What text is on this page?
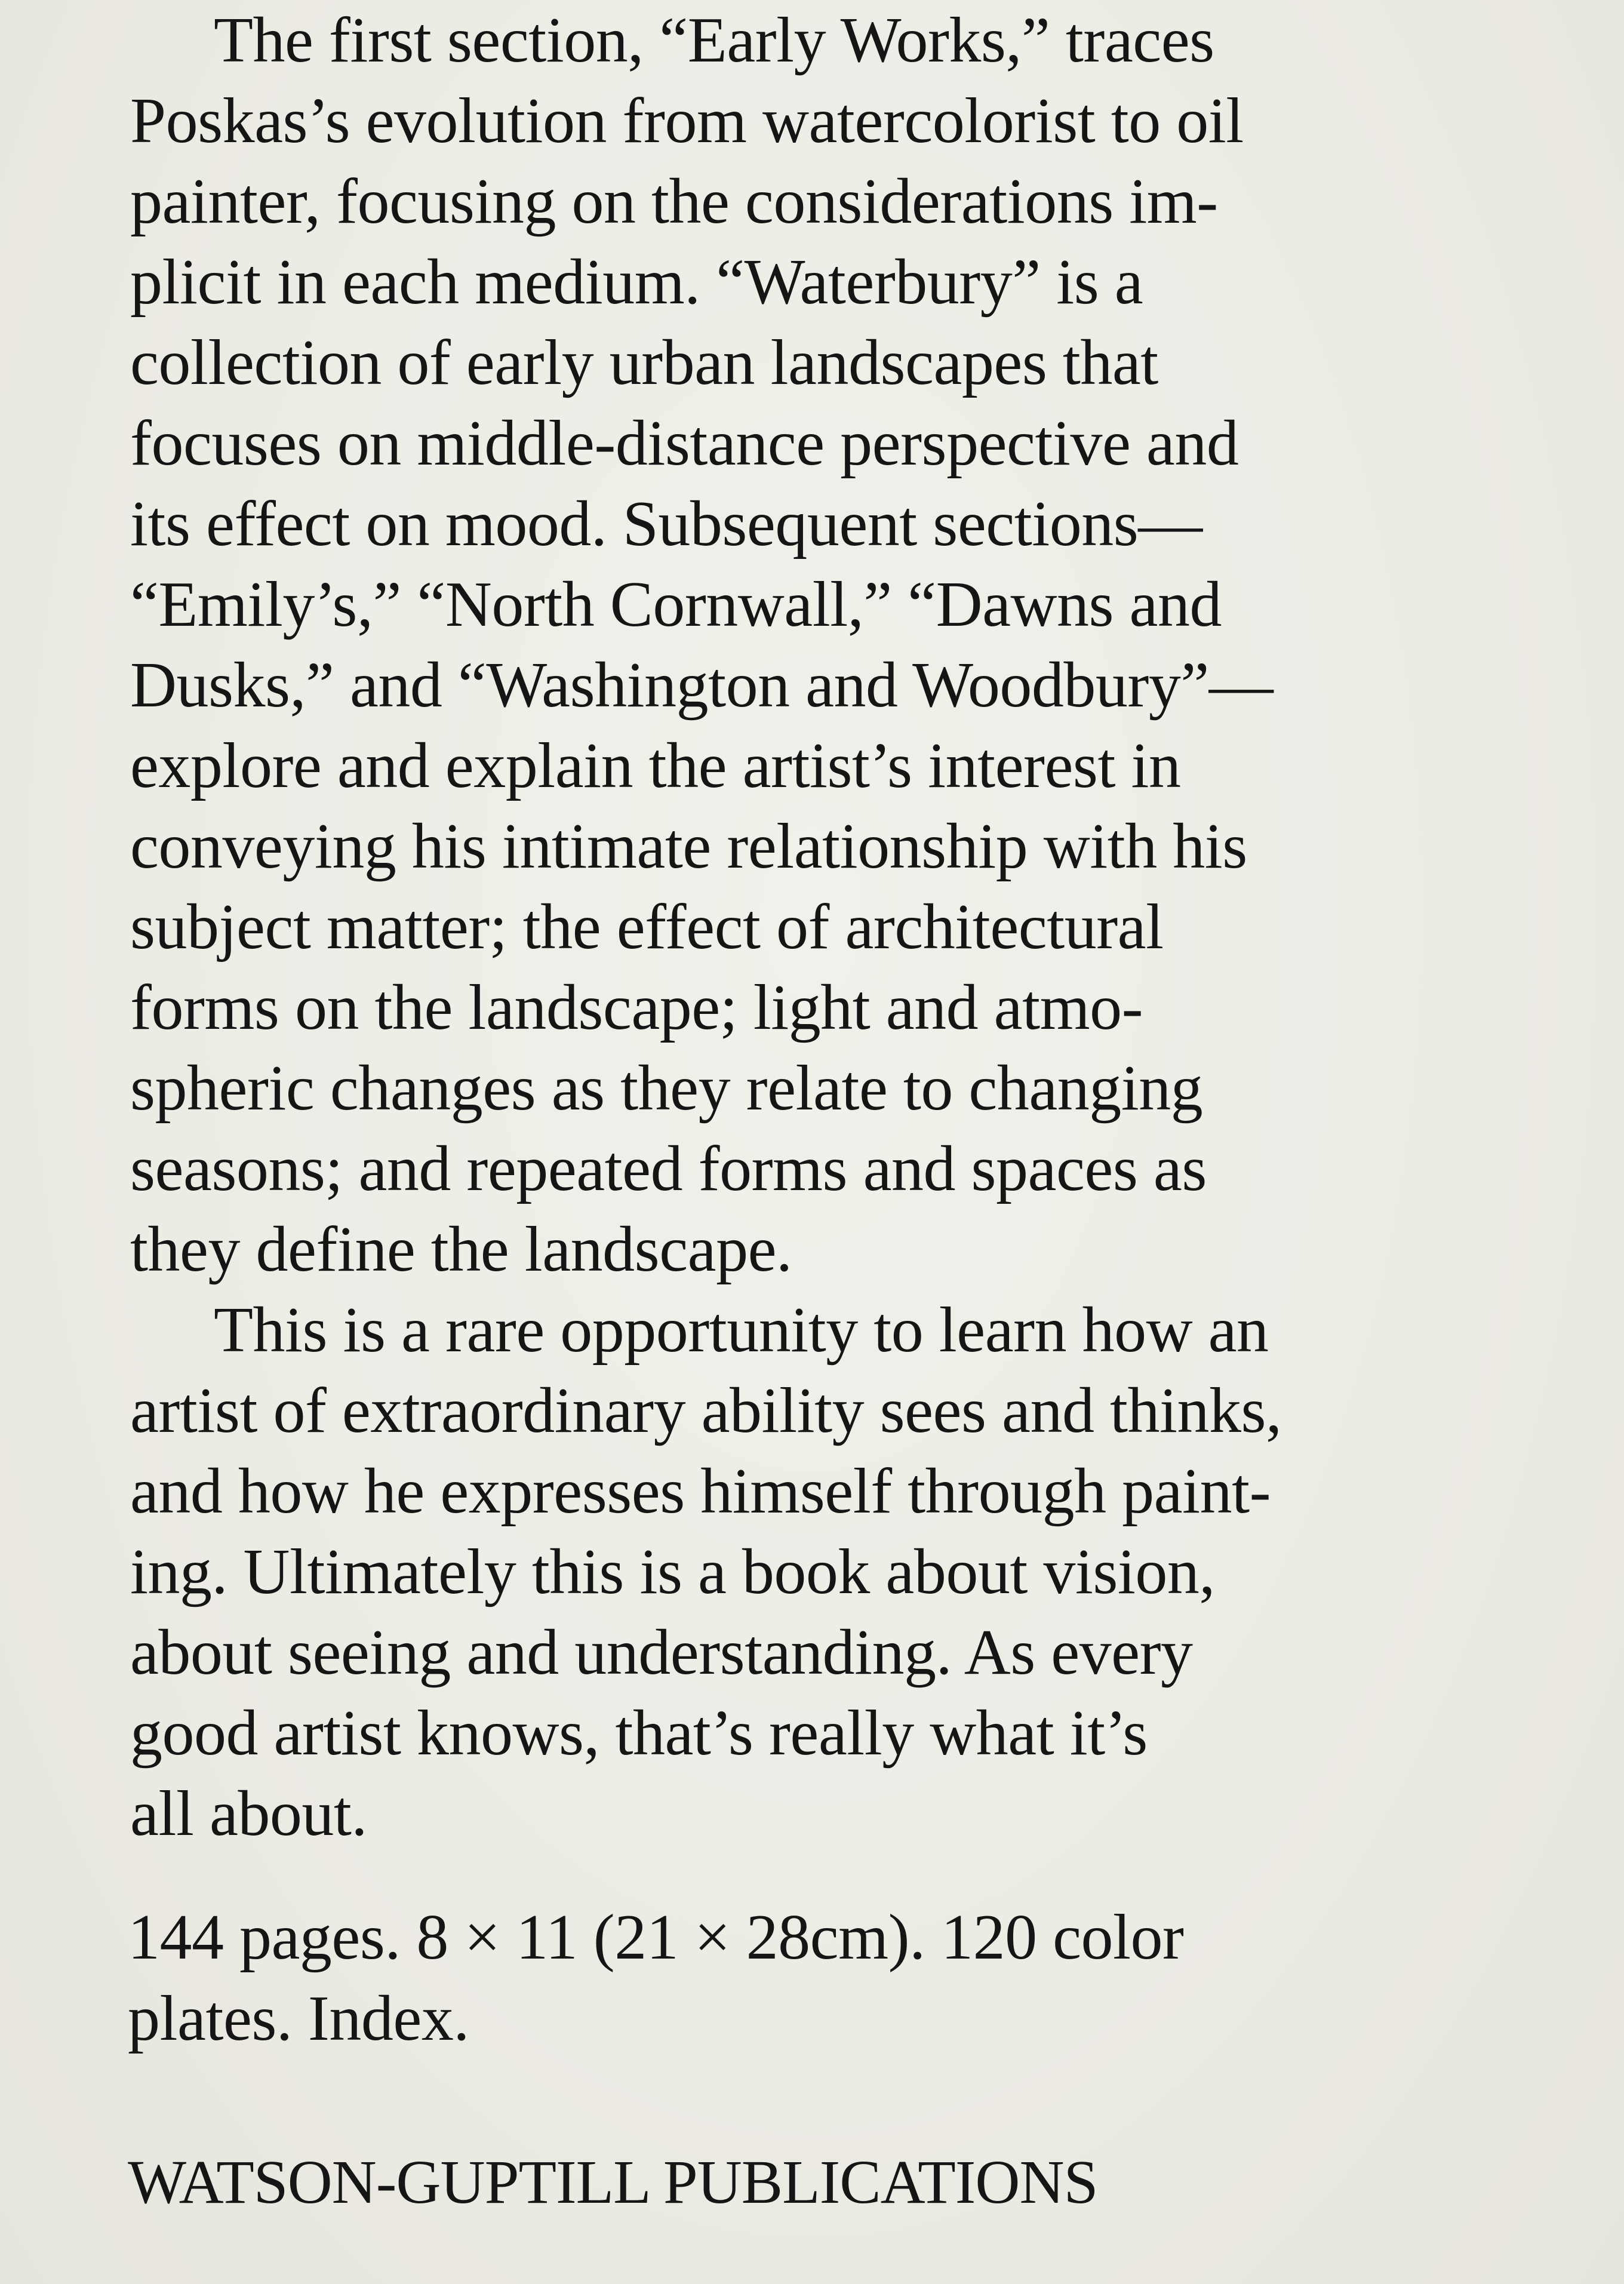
The first section, “Early Works,” traces
Poskas’s evolution from watercolorist to oil
painter, focusing on the considerations im-
plicit in each medium. “Waterbury” is a
collection of early urban landscapes that
focuses on middle-distance perspective and
its effect on mood. Subsequent sections—
“Emily’s,” “North Cornwall,” “Dawns and
Dusks,” and “Washington and Woodbury”—
explore and explain the artist’s interest in
conveying his intimate relationship with his
subject matter; the effect of architectural
forms on the landscape; light and atmo-
spheric changes as they relate to changing
seasons; and repeated forms and spaces as
they define the landscape.
This is a rare opportunity to learn how an
artist of extraordinary ability sees and thinks,
and how he expresses himself through paint-
ing. Ultimately this is a book about vision,
about seeing and understanding. As every
good artist knows, that’s really what it’s
all about.
144 pages. 8 × 11 (21 × 28cm). 120 color
plates. Index.
WATSON-GUPTILL PUBLICATIONS
